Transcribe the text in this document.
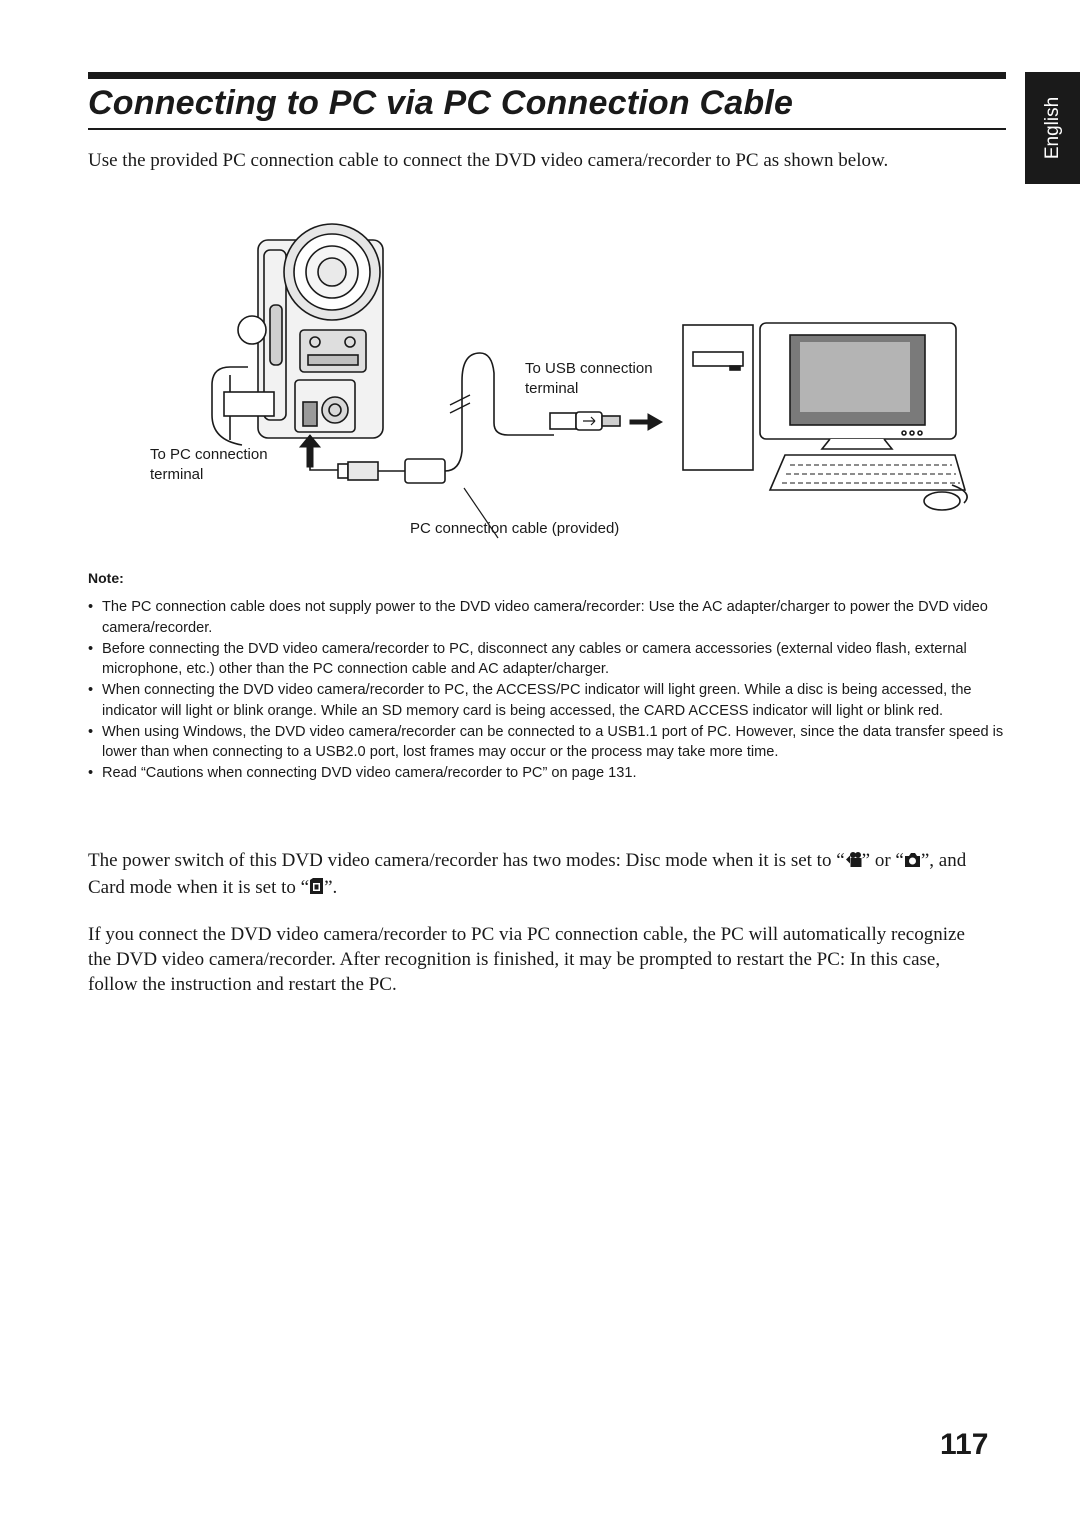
Connecting to PC via PC Connection Cable	English

Use the provided PC connection cable to connect the DVD video camera/recorder to PC as shown below.

To USB connection
terminal
To PC connection
terminal
PC connection cable (provided)

Note:

• The PC connection cable does not supply power to the DVD video camera/recorder: Use the AC adapter/charger to power the DVD video camera/recorder.
• Before connecting the DVD video camera/recorder to PC, disconnect any cables or camera accessories (external video flash, external microphone, etc.) other than the PC connection cable and AC adapter/charger.
• When connecting the DVD video camera/recorder to PC, the ACCESS/PC indicator will light green. While a disc is being accessed, the indicator will light or blink orange. While an SD memory card is being accessed, the CARD ACCESS indicator will light or blink red.
• When using Windows, the DVD video camera/recorder can be connected to a USB1.1 port of PC. However, since the data transfer speed is lower than when connecting to a USB2.0 port, lost frames may occur or the process may take more time.
• Read “Cautions when connecting DVD video camera/recorder to PC” on page 131.

The power switch of this DVD video camera/recorder has two modes: Disc mode when it is set to “ ” or “ ”, and Card mode when it is set to “ ”.

If you connect the DVD video camera/recorder to PC via PC connection cable, the PC will automatically recognize the DVD video camera/recorder. After recognition is finished, it may be prompted to restart the PC: In this case, follow the instruction and restart the PC.

117
